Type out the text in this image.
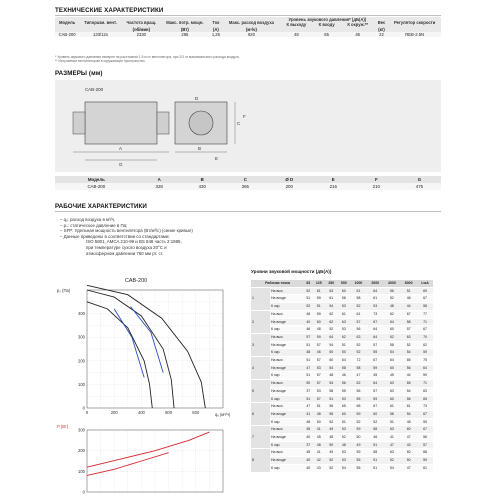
ТЕХНИЧЕСКИЕ ХАРАКТЕРИСТИКИ
Модель	Типоразм. вент.	Частота вращ.	Макс. потр. мощн.	Ток	Макс. расход воздуха	Уровень звукового давления* (дБ(А))			Вес	Регулятор скорости
						К выходу	К входу	К окруж.**		
		(об/мин)	(Вт)	(А)	(м³/ч)				(кг)	
САВ-200	133/12х	2330	295	1,26	920	48	65	46	22	REB-2.5N
* Уровень звукового давления измерен на расстоянии 1,5 м от вентилятора, при 2/3 от максимального расхода воздуха.
** Излучаемое вентилятором в окружающее пространство.
РАЗМЕРЫ (мм)
САВ-200
A
G
B
C
D
E
F
Модель	A	B	C	Ø D	E	F	G
САВ-200	328	430	365	200	216	210	475
РАБОЧИЕ ХАРАКТЕРИСТИКИ
– qᵥ: расход воздуха в м³/ч,
– pₛ: статическое давление в Па;
– SFP: Удельная мощность вентилятора (Вт/м³/с) (синие кривые)
– Данные приведены в соответствии со стандартами:
ISO 5801, AMCA 210-99 и BS 848 часть 2:1985,
при температуре сухого воздуха 20°C и
атмосферном давлении 760 мм рт. ст.
САВ-200
pₛ (Па)
qᵥ (м³/ч)
P (Вт)
0	200	400	600	800
0
100
200
300
400
0
100
200
300
Уровни звуковой мощности (дБ(А))
Рабочая точка		63	125	250	500	1000	2000	4000	8000	LwA
1	На вых.	52	61	63	60	61	64	56	51	69
	На входе	51	59	61	58	58	61	52	46	67
	К окр.	52	51	54	53	52	53	48	44	58
2	На вых.	46	59	62	61	61	73	62	67	77
	На входе	40	60	62	63	57	67	64	58	71
	К окр.	46	48	52	53	56	64	60	57	67
3	На вых.	57	59	64	62	63	64	62	63	70
	На входе	51	57	54	51	52	57	58	52	62
	К окр.	48	46	50	50	52	55	54	54	59
4	На вых.	51	57	60	64	72	67	64	65	75
	На входе	47	53	54	58	58	59	60	56	64
	К окр.	51	57	48	46	47	45	45	44	59
5	На вых.	50	57	54	56	62	64	63	65	71
	На входе	37	53	58	55	56	57	63	54	63
	К окр.	51	57	51	53	55	59	60	56	65
6	На вых.	47	51	56	65	68	67	61	61	73
	На входе	41	48	55	60	59	60	58	54	67
	К окр.	48	50	52	51	52	52	51	48	59
7	На вых.	45	41	49	53	59	58	63	60	67
	На входе	40	45	48	52	50	46	41	47	56
	К окр.	37	48	50	48	49	51	47	43	57
8	На вых.	45	41	49	53	59	58	63	60	68
	На входе	40	42	52	53	55	51	52	50	59
	К окр.	40	43	52	54	55	51	54	47	61
